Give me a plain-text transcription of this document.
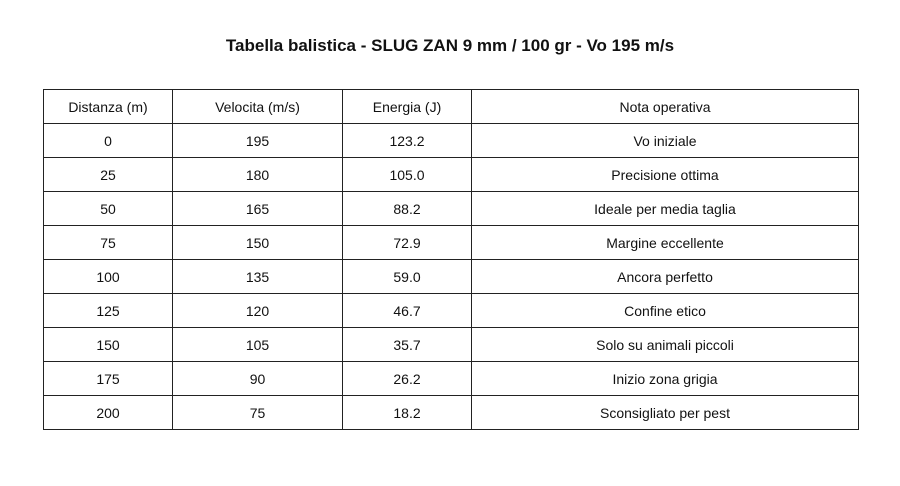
Tabella balistica - SLUG ZAN 9 mm / 100 gr - Vo 195 m/s
Distanza (m)	Velocita (m/s)	Energia (J)	Nota operativa
0	195	123.2	Vo iniziale
25	180	105.0	Precisione ottima
50	165	88.2	Ideale per media taglia
75	150	72.9	Margine eccellente
100	135	59.0	Ancora perfetto
125	120	46.7	Confine etico
150	105	35.7	Solo su animali piccoli
175	90	26.2	Inizio zona grigia
200	75	18.2	Sconsigliato per pest
